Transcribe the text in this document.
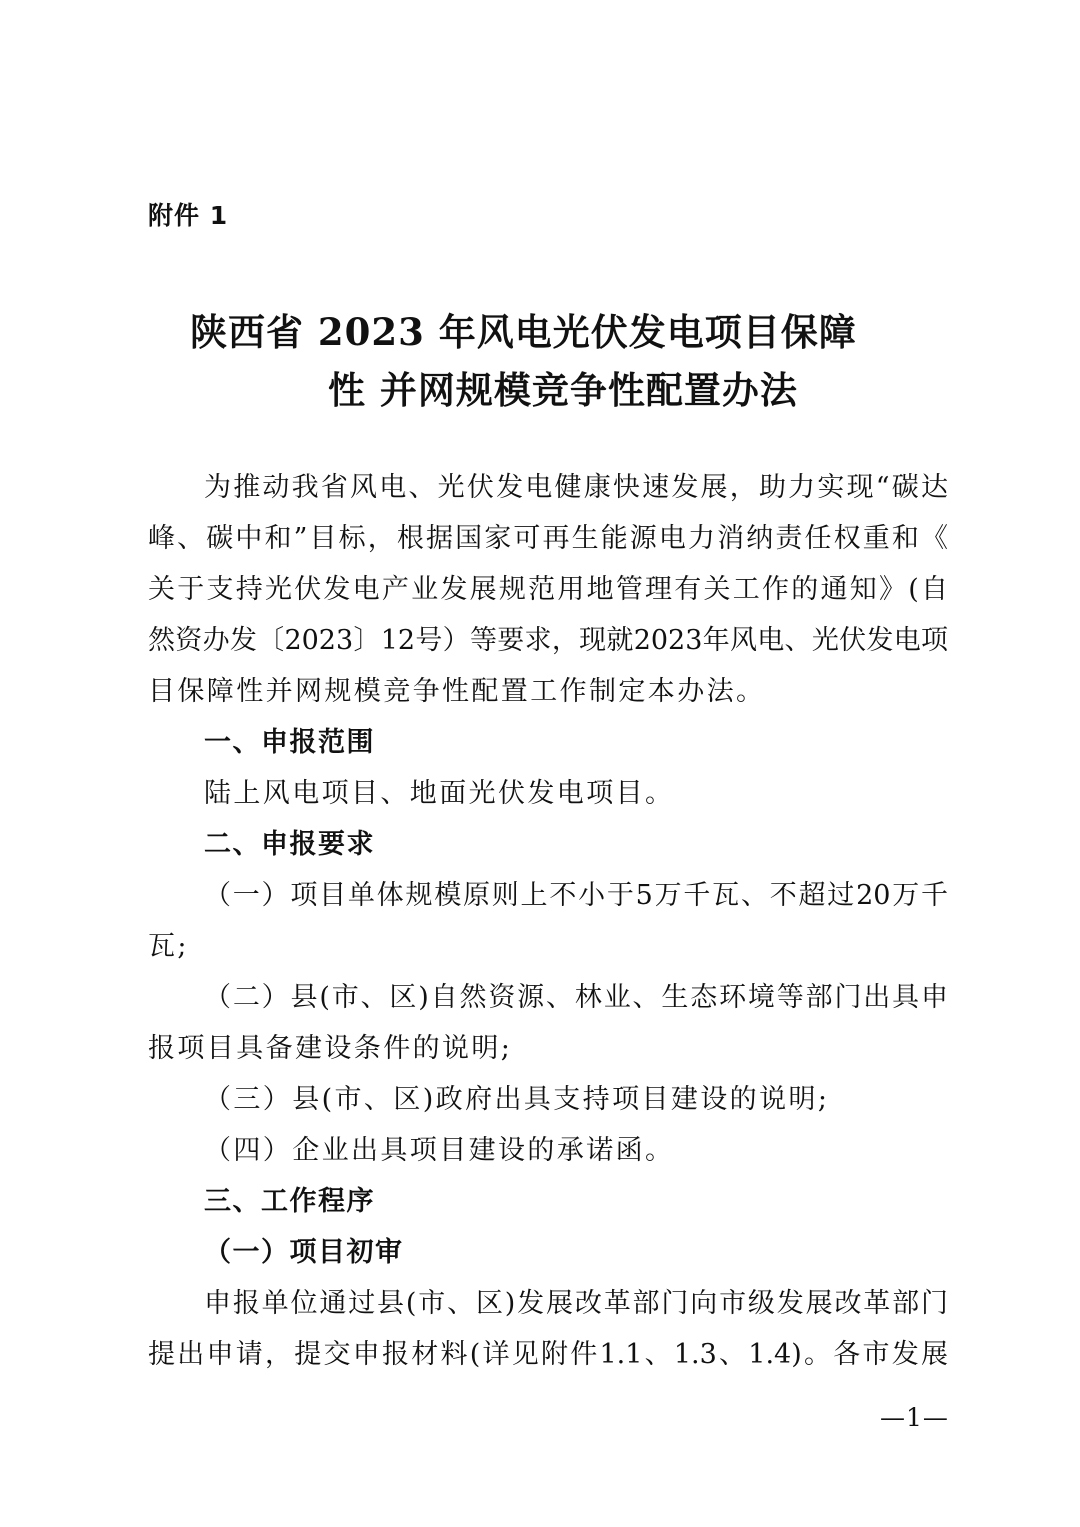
附件 1
陕西省 2023 年风电光伏发电项目保障
性 并网规模竞争性配置办法
为推动我省风电、光伏发电健康快速发展，助力实现“碳达
峰、碳中和”目标，根据国家可再生能源电力消纳责任权重和《
关于支持光伏发电产业发展规范用地管理有关工作的通知》(自
然资办发〔2023〕12号）等要求，现就2023年风电、光伏发电项
目保障性并网规模竞争性配置工作制定本办法。
一、申报范围
陆上风电项目、地面光伏发电项目。
二、申报要求
（一）项目单体规模原则上不小于5万千瓦、不超过20万千
瓦;
（二）县(市、区)自然资源、林业、生态环境等部门出具申
报项目具备建设条件的说明;
（三）县(市、区)政府出具支持项目建设的说明;
（四）企业出具项目建设的承诺函。
三、工作程序
（一）项目初审
申报单位通过县(市、区)发展改革部门向市级发展改革部门
提出申请，提交申报材料(详见附件1.1、1.3、1.4)。各市发展
—1—
